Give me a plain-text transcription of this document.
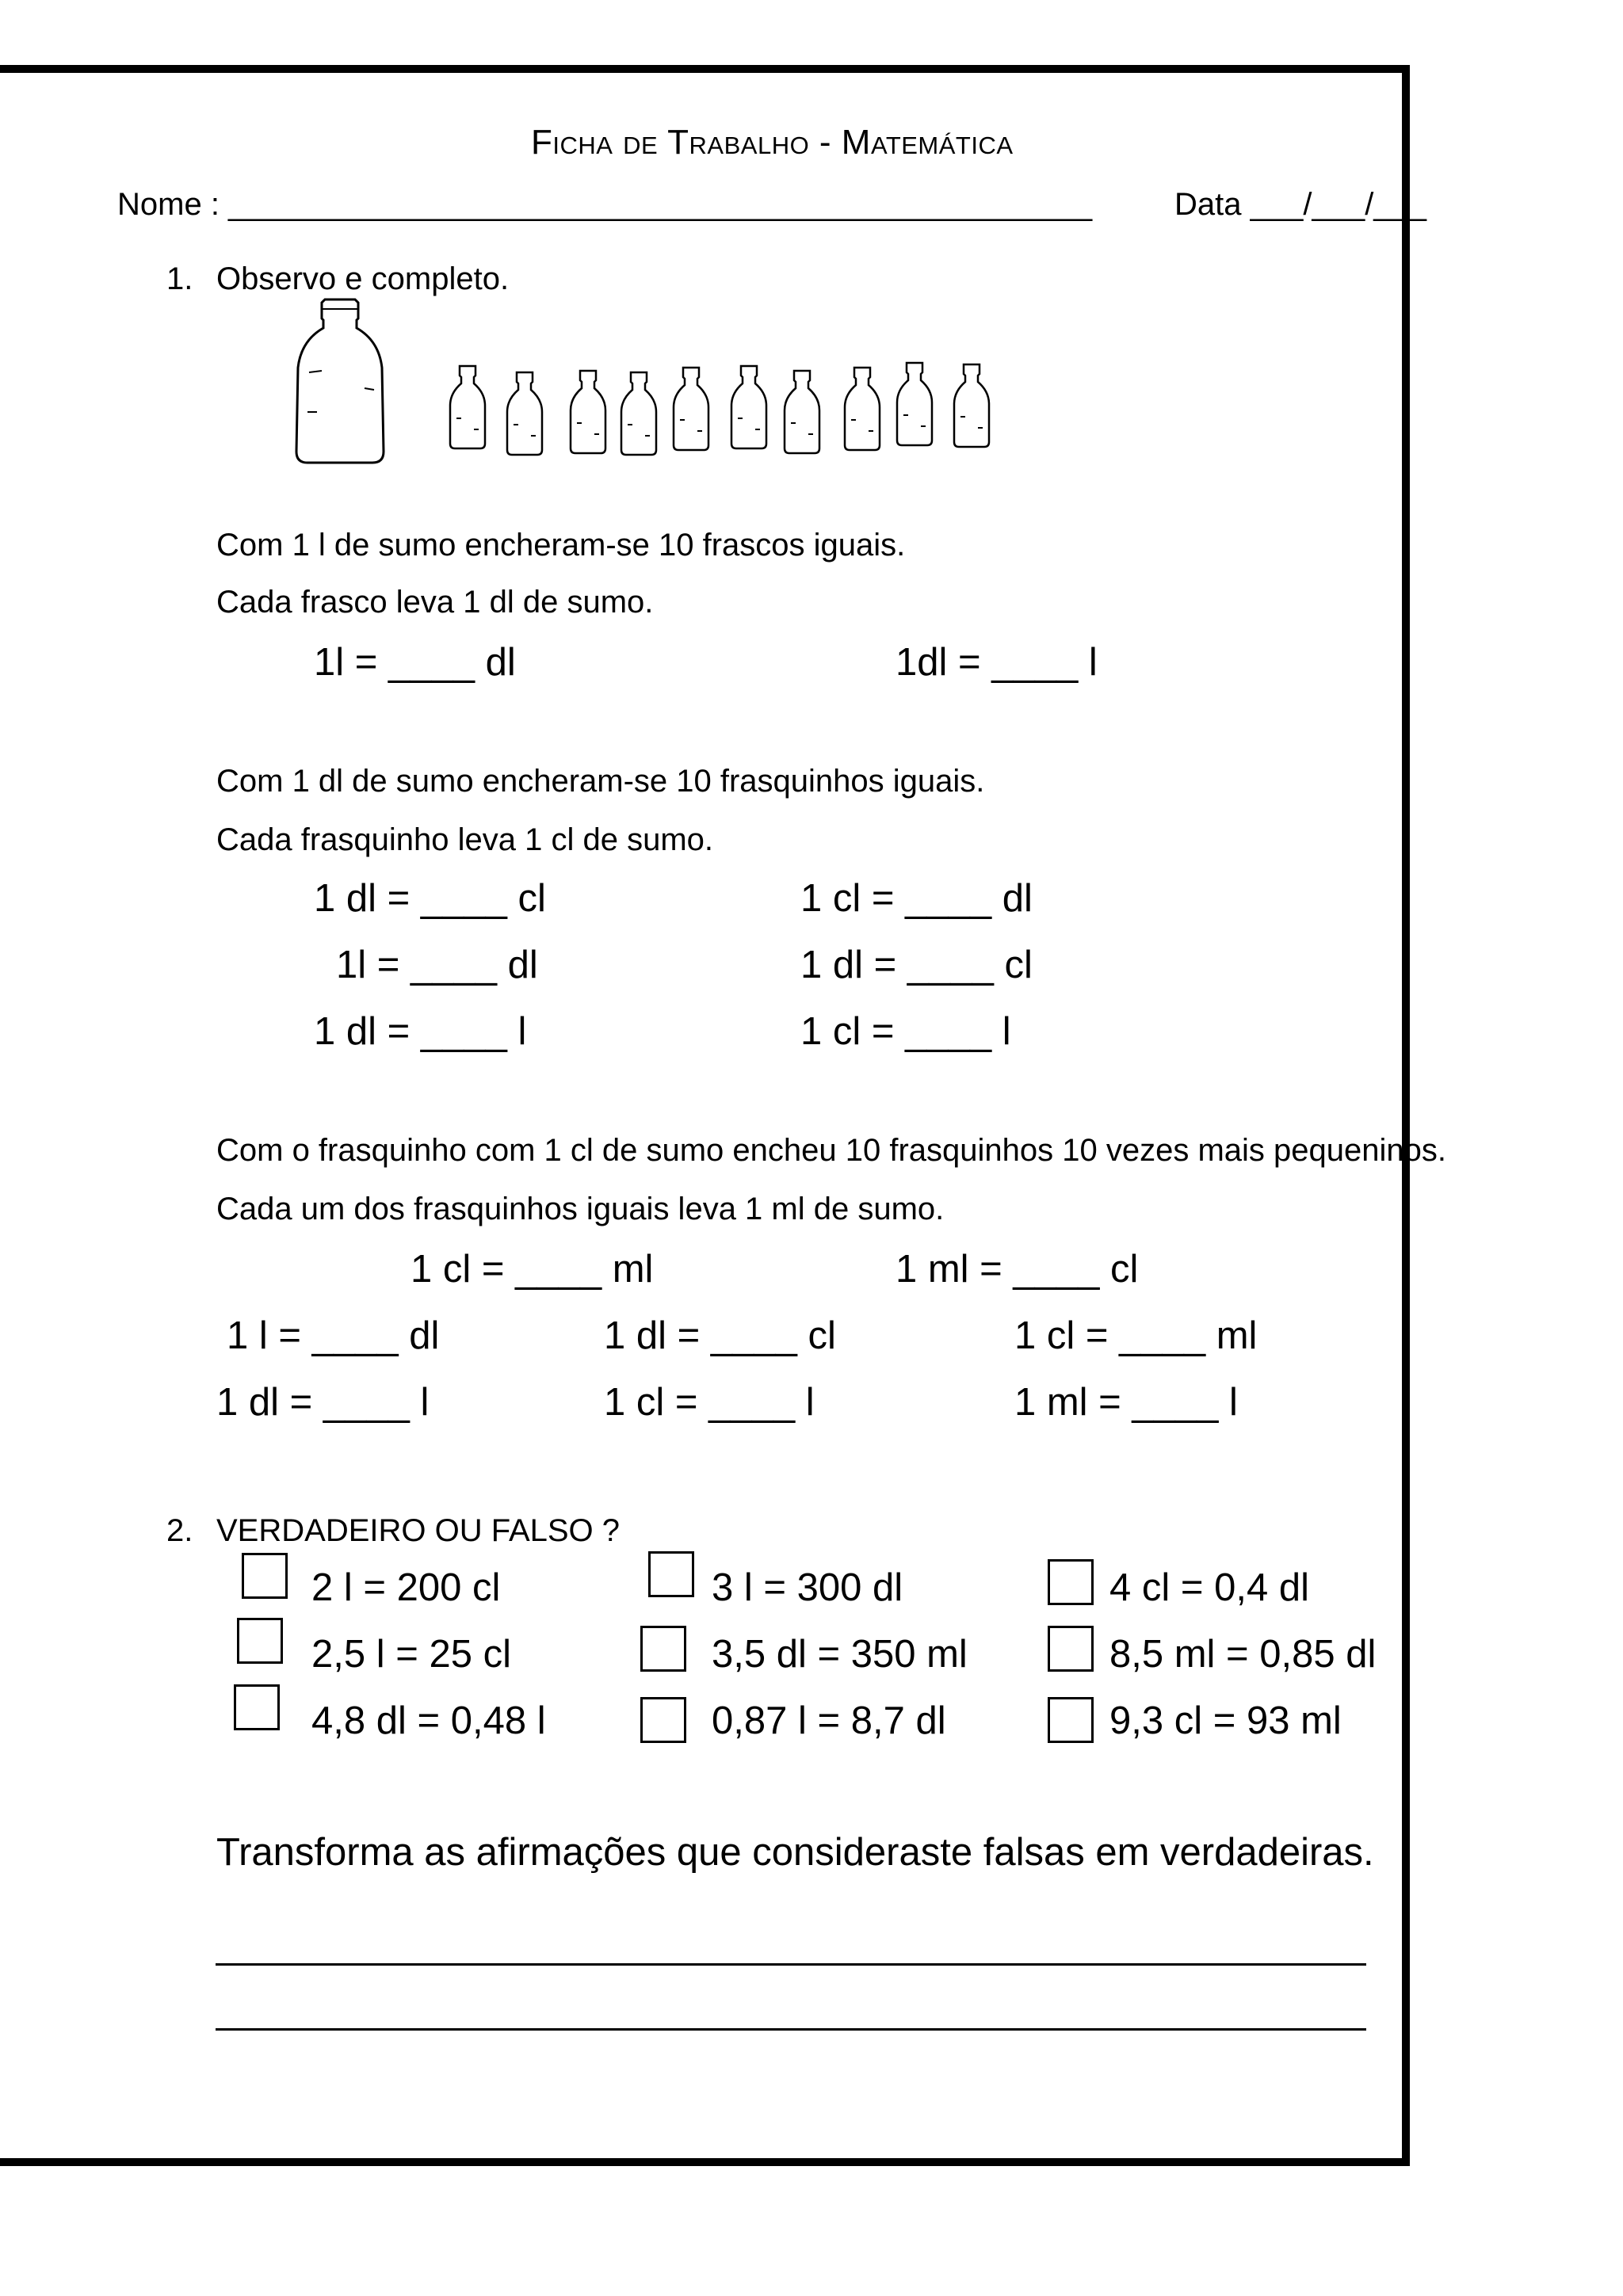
Ficha de Trabalho - Matemática
Nome : _________________________________________________	Data ___/___/___
1. Observo e completo.
Com 1 l de sumo encheram-se 10 frascos iguais.
Cada frasco leva 1 dl de sumo.
1l = ____ dl	1dl = ____ l
Com 1 dl de sumo encheram-se 10 frasquinhos iguais.
Cada frasquinho leva 1 cl de sumo.
1 dl = ____ cl	1 cl = ____ dl
1l = ____ dl	1 dl = ____ cl
1 dl = ____ l	1 cl = ____ l
Com o frasquinho com 1 cl de sumo encheu 10 frasquinhos 10 vezes mais pequeninos.
Cada um dos frasquinhos iguais leva 1 ml de sumo.
1 cl = ____ ml	1 ml = ____ cl
1 l = ____ dl	1 dl = ____ cl	1 cl = ____ ml
1 dl = ____ l	1 cl = ____ l	1 ml = ____ l
2. VERDADEIRO OU FALSO ?
2 l = 200 cl	3 l = 300 dl	4 cl = 0,4 dl
2,5 l = 25 cl	3,5 dl = 350 ml	8,5 ml = 0,85 dl
4,8 dl = 0,48 l	0,87 l = 8,7 dl	9,3 cl = 93 ml
Transforma as afirmações que consideraste falsas em verdadeiras.
